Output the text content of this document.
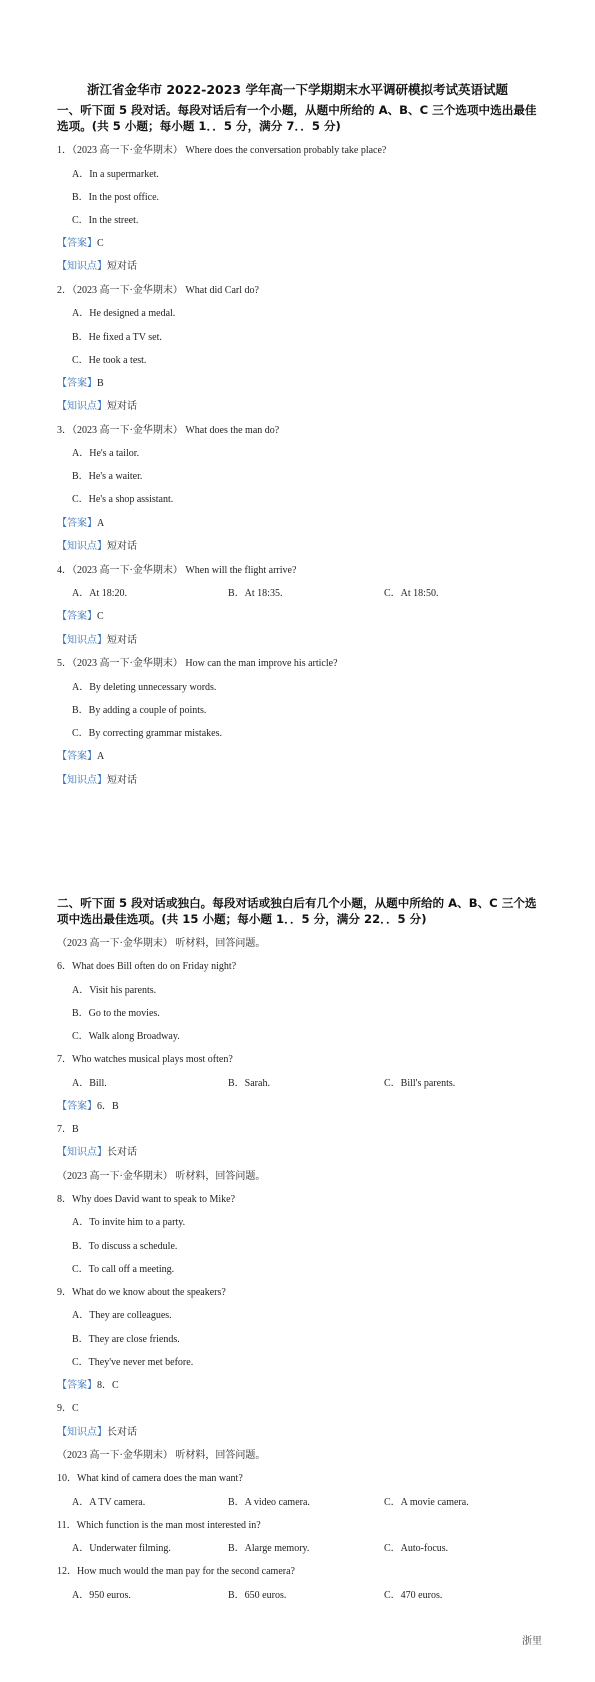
浙江省金华市 2022-2023 学年高一下学期期末水平调研模拟考试英语试题
一、听下面 5 段对话。每段对话后有一个小题，从题中所给的 A、B、C 三个选项中选出最佳
选项。(共 5 小题；每小题 1．．5 分，满分 7．．5 分)
1．（2023 高一下·金华期末） Where does the conversation probably take place?
A．In a supermarket.
B．In the post office.
C．In the street.
【答案】C
【知识点】短对话
2．（2023 高一下·金华期末） What did Carl do?
A．He designed a medal.
B．He fixed a TV set.
C．He took a test.
【答案】B
【知识点】短对话
3．（2023 高一下·金华期末） What does the man do?
A．He's a tailor.
B．He's a waiter.
C．He's a shop assistant.
【答案】A
【知识点】短对话
4．（2023 高一下·金华期末） When will the flight arrive?
A．At 18:20.	B．At 18:35.	C．At 18:50.
【答案】C
【知识点】短对话
5．（2023 高一下·金华期末） How can the man improve his article?
A．By deleting unnecessary words.
B．By adding a couple of points.
C．By correcting grammar mistakes.
【答案】A
【知识点】短对话
二、听下面 5 段对话或独白。每段对话或独白后有几个小题，从题中所给的 A、B、C 三个选
项中选出最佳选项。(共 15 小题；每小题 1．．5 分，满分 22．．5 分)
（2023 高一下·金华期末） 听材料，回答问题。
6．What does Bill often do on Friday night?
A．Visit his parents.
B．Go to the movies.
C．Walk along Broadway.
7．Who watches musical plays most often?
A．Bill.	B．Sarah.	C．Bill's parents.
【答案】6．B
7．B
【知识点】长对话
（2023 高一下·金华期末） 听材料，回答问题。
8．Why does David want to speak to Mike?
A．To invite him to a party.
B．To discuss a schedule.
C．To call off a meeting.
9．What do we know about the speakers?
A．They are colleagues.
B．They are close friends.
C．They've never met before.
【答案】8．C
9．C
【知识点】长对话
（2023 高一下·金华期末） 听材料，回答问题。
10．What kind of camera does the man want?
A．A TV camera.	B．A video camera.	C．A movie camera.
11．Which function is the man most interested in?
A．Underwater filming.	B．Alarge memory.	C．Auto-focus.
12．How much would the man pay for the second camera?
A．950 euros.	B．650 euros.	C．470 euros.
浙里
